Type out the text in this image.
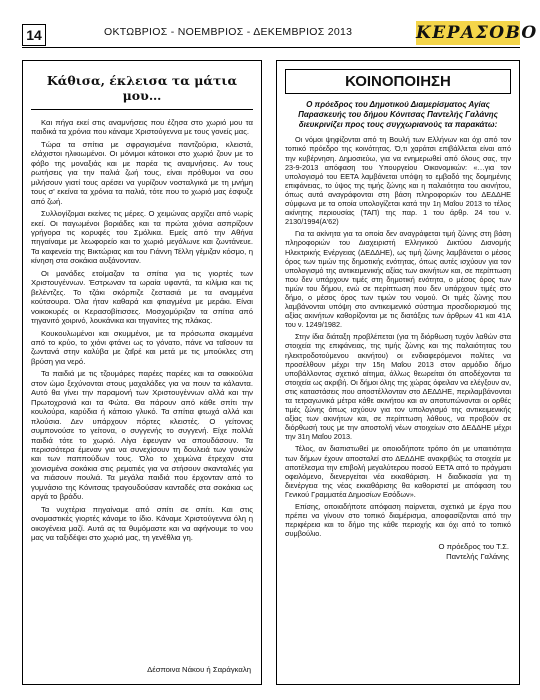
14	ΟΚΤΩΒΡΙΟΣ - ΝΟΕΜΒΡΙΟΣ - ΔΕΚΕΜΒΡΙΟΣ 2013	ΚΕΡΑΣΟΒΟ
Κάθισα, έκλεισα τα μάτια μου…

Και πήγα εκεί στις αναμνήσεις που έζησα στο χωριό μου τα παιδικά τα χρόνια που κάναμε Χριστούγεννα με τους γονείς μας.

Τώρα τα σπίτια με σφραγισμένα παντζούρια, κλειστά, ελάχιστοι ηλικιωμένοι. Οι μόνιμοι κάτοικοι στο χωριό ζουν με το φόβο της μοναξιάς και με παρέα τις αναμνήσεις. Αν τους ρωτήσεις για την παλιά ζωή τους, είναι πρόθυμοι να σου μιλήσουν γιατί τους αρέσει να γυρίζουν νοσταλγικά με τη μνήμη τους σ' εκείνα τα χρόνια τα παλιά, τότε που το χωριό μας έσφυζε από ζωή.

Συλλογίζομαι εκείνες τις μέρες. Ο χειμώνας αρχίζει από νωρίς εκεί. Οι παγωμένοι βοριάδες και τα πρώτα χιόνια ασπρίζουν γρήγορα τις κορυφές του Σμόλικα. Εμείς από την Αθήνα πηγαίναμε με λεωφορείο και το χωριό μεγάλωνε και ζωντάνευε. Τα καφενεία της Βικτώριας και του Γιάννη Τέλλη γέμιζαν κόσμο, η κίνηση στα σοκάκια αυξάνονταν.

Οι μανάδες ετοίμαζαν τα σπίτια για τις γιορτές των Χριστουγέννων. Έστρωναν τα ωραία υφαντά, τα κιλίμια και τις βελέντζες. Το τζάκι σκόρπιζε ζεστασιά με τα αναμμένα κούτσουρα. Όλα ήταν καθαρά και φτιαγμένα με μεράκι. Είναι νοικοκυρές οι Κερασοβίτισσες. Μοσχομύριζαν τα σπίτια από τηγανιτό χοιρινό, λουκάνικα και τηγανίτες της πλάκας.

Κουκουλωμένοι και σκυμμένοι, με τα πρόσωπα σκαμμένα από το κρύο, το χιόνι φτάνει ως το γόνατο, πάνε να ταΐσουν τα ζωντανά στην καλύβα με ζαΐρέ και μετά με τις μπούκλες στη βρύση για νερό.

Τα παιδιά με τις τζουμάρες παρέες παρέες και τα σακκούλια στον ώμο ξεχύνονται στους μαχαλάδες για να πουν τα κάλαντα. Αυτό θα γίνει την παραμονή των Χριστουγέννων αλλά και την Πρωτοχρονιά και τα Φώτα. Θα πάρουν από κάθε σπίτι την κουλούρα, καρύδια ή κάποιο γλυκό. Τα σπίτια φτωχά αλλά και πλούσια. Δεν υπάρχουν πόρτες κλειστές. Ο γείτονας συμπονούσε το γείτονα, ο συγγενής το συγγενή. Είχε πολλά παιδιά τότε το χωριό. Λίγα έφευγαν να σπουδάσουν. Τα περισσότερα έμεναν για να συνεχίσουν τη δουλειά των γονιών και των παππούδων τους. Όλο το χειμώνα έτρεχαν στα χιονισμένα σοκάκια στις ρεματιές για να στήσουν σκανταλιές για να πιάσουν πουλιά. Τα μεγάλα παιδιά που έρχονταν από το γυμνάσιο της Κόνιτσας τραγουδούσαν κανταδές στα σοκάκια ως αργά το βράδυ.

Τα νυχτέρια πηγαίναμε από σπίτι σε σπίτι. Και στις ονομαστικές γιορτές κάναμε το ίδιο. Κάναμε Χριστούγεννα όλη η οικογένεια μαζί. Αυτά ας τα θυμόμαστε και να αφήνουμε το νου μας να ταξιδέψει στο χωριό μας, τη γενέθλια γη.

Δέσποινα Νάκου ή Σαράγκαλη
ΚΟΙΝΟΠΟΙΗΣΗ
Ο πρόεδρος του Δημοτικού Διαμερίσματος Αγίας Παρασκευής του δήμου Κόνιτσας Παντελής Γαλάνης διευκρινίζει προς τους συγχωριανούς τα παρακάτω:

Οι νόμοι ψηφίζονται από τη Βουλή των Ελλήνων και όχι από τον τοπικό πρόεδρο της κοινότητας. Ό,τι χαράτσι επιβάλλεται είναι από την κυβέρνηση. Δημοσιεύω, για να ενημερωθεί από όλους σας, την 23-9-2013 απόφαση του Υπουργείου Οικονομικών: «…για τον υπολογισμό του ΕΕΤΑ λαμβάνεται υπόψη το εμβαδό της δομημένης επιφάνειας, το ύψος της τιμής ζώνης και η παλαιότητα του ακινήτου, όπως αυτά αναγράφονται στη βάση πληροφοριών του ΔΕΔΔΗΕ σύμφωνα με τα οποία υπολογίζεται κατά την 1η Μαΐου 2013 το τέλος ακίνητης περιουσίας (ΤΑΠ) της παρ. 1 του άρθρ. 24 του ν. 2130/1994(Α'62)

Για τα ακίνητα για τα οποία δεν αναγράφεται τιμή ζώνης στη βάση πληροφοριών του Διαχειριστή Ελληνικού Δικτύου Διανομής Ηλεκτρικής Ενέργειας (ΔΕΔΔΗΕ), ως τιμή ζώνης λαμβάνεται ο μέσος όρος των τιμών της δημοτικής ενότητας, όπως αυτές ισχύουν για τον υπολογισμό της αντικειμενικής αξίας των ακινήτων και, σε περίπτωση που δεν υπάρχουν τιμές στη δημοτική ενότητα, ο μέσος όρος των τιμών του δήμου, ενώ σε περίπτωση που δεν υπάρχουν τιμές στο δήμο, ο μέσος όρος των τιμών του νομού. Οι τιμές ζώνης που λαμβάνονται υπόψη στο αντικειμενικό σύστημα προσδιορισμού της αξίας ακινήτων καθορίζονται με τις διατάξεις των άρθρων 41 και 41Α του ν. 1249/1982.

Στην ίδια διάταξη προβλέπεται (για τη διόρθωση τυχόν λαθών στα στοιχεία της επιφάνειας, της τιμής ζώνης και της παλαιότητας του ηλεκτροδοτούμενου ακινήτου) οι ενδιαφερόμενοι πολίτες να προσέλθουν μέχρι την 15η Μαΐου 2013 στον αρμόδιο δήμο υποβάλλοντας σχετικό αίτημα, άλλως θεωρείται ότι αποδέχονται τα στοιχεία ως ακριβή. Οι δήμοι όλης της χώρας όφειλαν να ελέγξουν αν, στις καταστάσεις που αποστέλλονταν στο ΔΕΔΔΗΕ, περιλαμβάνονται τα τετραγωνικά μέτρα κάθε ακινήτου και αν αποτυπώνονται οι ορθές τιμές ζώνης όπως ισχύουν για τον υπολογισμό της αντικειμενικής αξίας των ακινήτων και, σε περίπτωση λάθους, να προβούν σε διόρθωσή τους με την αποστολή νέων στοιχείων στο ΔΕΔΔΗΕ μέχρι την 31η Μαΐου 2013.

Τέλος, αν διαπιστωθεί με οποιοδήποτε τρόπο ότι με υπαιτιότητα των δήμων έχουν αποσταλεί στο ΔΕΔΔΗΕ ανακριβώς τα στοιχεία με αποτέλεσμα την επιβολή μεγαλύτερου ποσού ΕΕΤΑ από το πράγματι οφειλόμενο, διενεργείται νέα εκκαθάριση. Η διαδικασία για τη διενέργεια της νέας εκκαθάρισης θα καθοριστεί με απόφαση του Γενικού Γραμματέα Δημοσίων Εσόδων».

Επίσης, οποιαδήποτε απόφαση παίρνεται, σχετικά με έργα που πρέπει να γίνουν στο τοπικό διαμέρισμα, αποφασίζονται από την περιφέρεια και το δήμο της κάθε περιοχής και όχι από το τοπικό συμβούλιο.

Ο πρόεδρος του Τ.Σ.
Παντελής Γαλάνης
